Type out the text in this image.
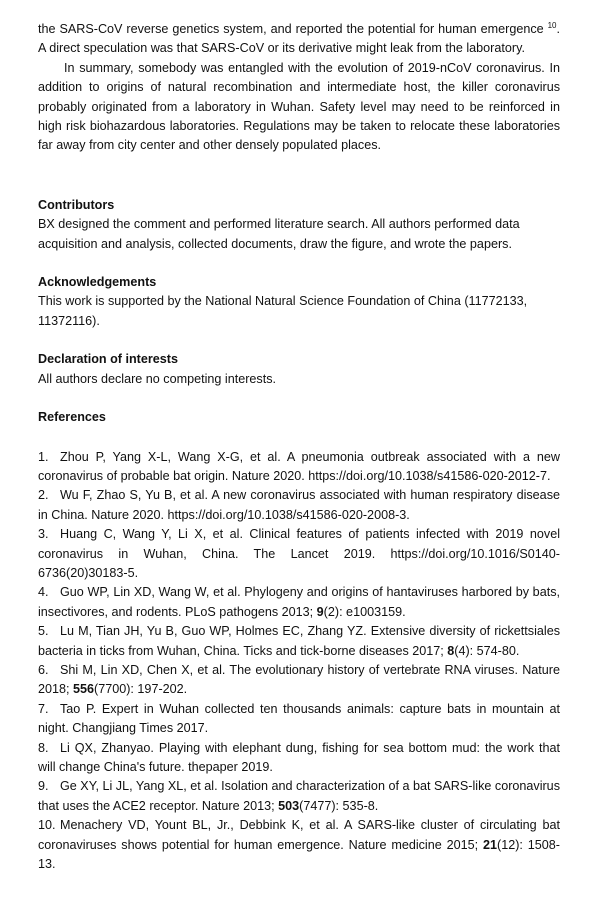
the SARS-CoV reverse genetics system, and reported the potential for human emergence $^{10}$. A direct speculation was that SARS-CoV or its derivative might leak from the laboratory.

In summary, somebody was entangled with the evolution of 2019-nCoV coronavirus. In addition to origins of natural recombination and intermediate host, the killer coronavirus probably originated from a laboratory in Wuhan. Safety level may need to be reinforced in high risk biohazardous laboratories. Regulations may be taken to relocate these laboratories far away from city center and other densely populated places.

Contributors

BX designed the comment and performed literature search. All authors performed data acquisition and analysis, collected documents, draw the figure, and wrote the papers.

Acknowledgements

This work is supported by the National Natural Science Foundation of China (11772133, 11372116).

Declaration of interests

All authors declare no competing interests.

References

1. Zhou P, Yang X-L, Wang X-G, et al. A pneumonia outbreak associated with a new coronavirus of probable bat origin. Nature 2020. https://doi.org/10.1038/s41586-020-2012-7.

2. Wu F, Zhao S, Yu B, et al. A new coronavirus associated with human respiratory disease in China. Nature 2020. https://doi.org/10.1038/s41586-020-2008-3.

3. Huang C, Wang Y, Li X, et al. Clinical features of patients infected with 2019 novel coronavirus in Wuhan, China. The Lancet 2019. https://doi.org/10.1016/S0140-6736(20)30183-5.

4. Guo WP, Lin XD, Wang W, et al. Phylogeny and origins of hantaviruses harbored by bats, insectivores, and rodents. PLoS pathogens 2013; 9(2): e1003159.

5. Lu M, Tian JH, Yu B, Guo WP, Holmes EC, Zhang YZ. Extensive diversity of rickettsiales bacteria in ticks from Wuhan, China. Ticks and tick-borne diseases 2017; 8(4): 574-80.

6. Shi M, Lin XD, Chen X, et al. The evolutionary history of vertebrate RNA viruses. Nature 2018; 556(7700): 197-202.

7. Tao P. Expert in Wuhan collected ten thousands animals: capture bats in mountain at night. Changjiang Times 2017.

8. Li QX, Zhanyao. Playing with elephant dung, fishing for sea bottom mud: the work that will change China's future. thepaper 2019.

9. Ge XY, Li JL, Yang XL, et al. Isolation and characterization of a bat SARS-like coronavirus that uses the ACE2 receptor. Nature 2013; 503(7477): 535-8.

10. Menachery VD, Yount BL, Jr., Debbink K, et al. A SARS-like cluster of circulating bat coronaviruses shows potential for human emergence. Nature medicine 2015; 21(12): 1508-13.
